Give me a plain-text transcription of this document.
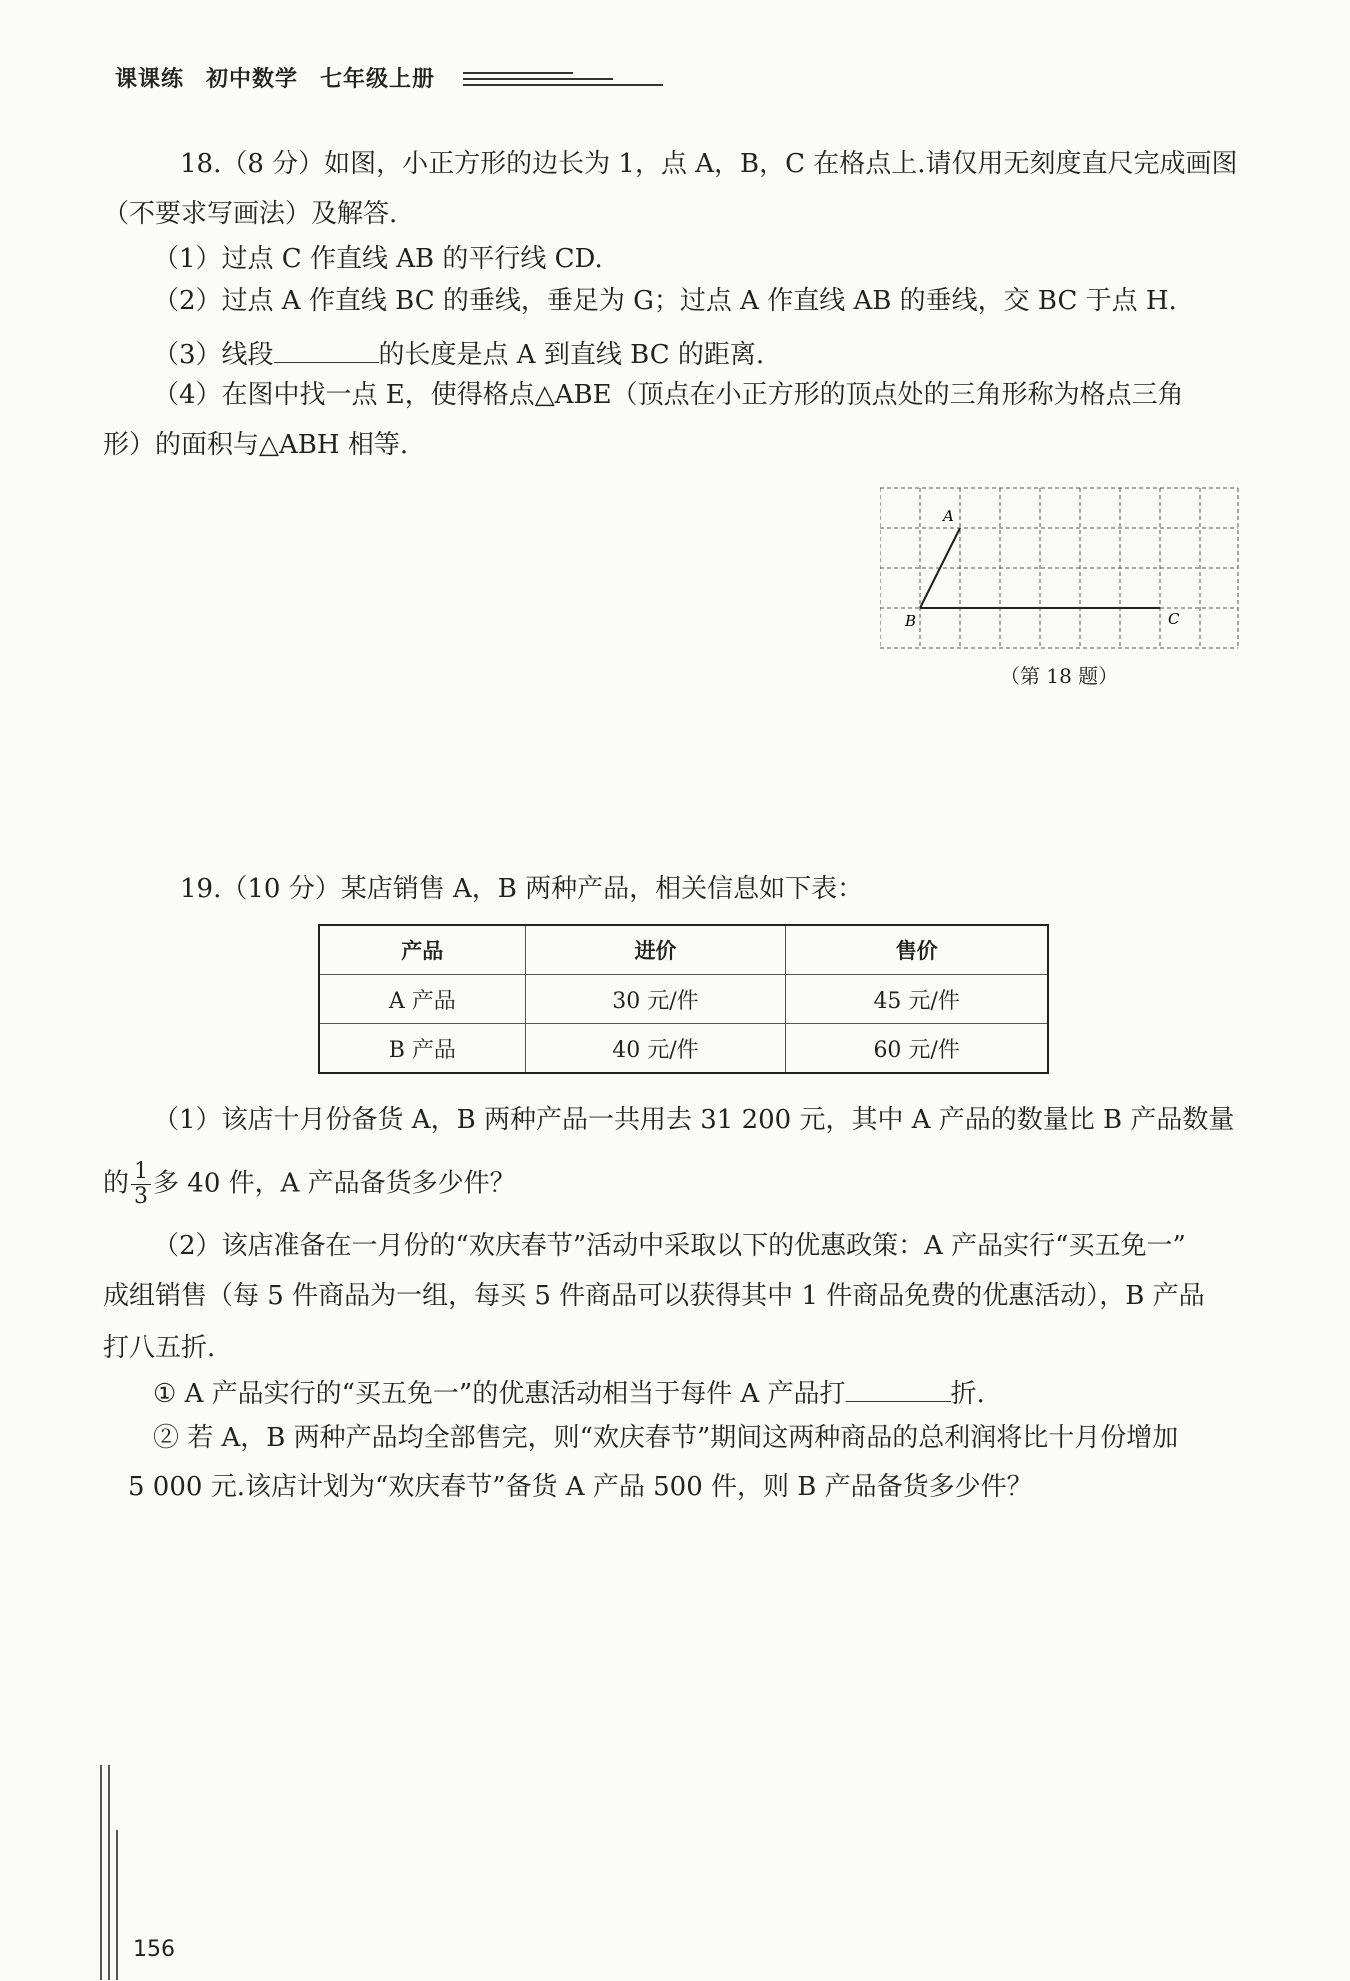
课课练 初中数学 七年级上册
18.（8 分）如图，小正方形的边长为 1，点 A，B，C 在格点上.请仅用无刻度直尺完成画图
（不要求写画法）及解答.
（1）过点 C 作直线 AB 的平行线 CD.
（2）过点 A 作直线 BC 的垂线，垂足为 G；过点 A 作直线 AB 的垂线，交 BC 于点 H.
（3）线段	的长度是点 A 到直线 BC 的距离.
（4）在图中找一点 E，使得格点△ABE（顶点在小正方形的顶点处的三角形称为格点三角
形）的面积与△ABH 相等.
A
B	C
（第 18 题）
19.（10 分）某店销售 A，B 两种产品，相关信息如下表：
产品	进价	售价
A 产品	30 元/件	45 元/件
B 产品	40 元/件	60 元/件
（1）该店十月份备货 A，B 两种产品一共用去 31 200 元，其中 A 产品的数量比 B 产品数量
的 $\frac{1}{3}$ 多 40 件，A 产品备货多少件？
（2）该店准备在一月份的“欢庆春节”活动中采取以下的优惠政策：A 产品实行“买五免一”
成组销售（每 5 件商品为一组，每买 5 件商品可以获得其中 1 件商品免费的优惠活动），B 产品
打八五折.
① A 产品实行的“买五免一”的优惠活动相当于每件 A 产品打	折.
② 若 A，B 两种产品均全部售完，则“欢庆春节”期间这两种商品的总利润将比十月份增加
5 000 元.该店计划为“欢庆春节”备货 A 产品 500 件，则 B 产品备货多少件？
156
